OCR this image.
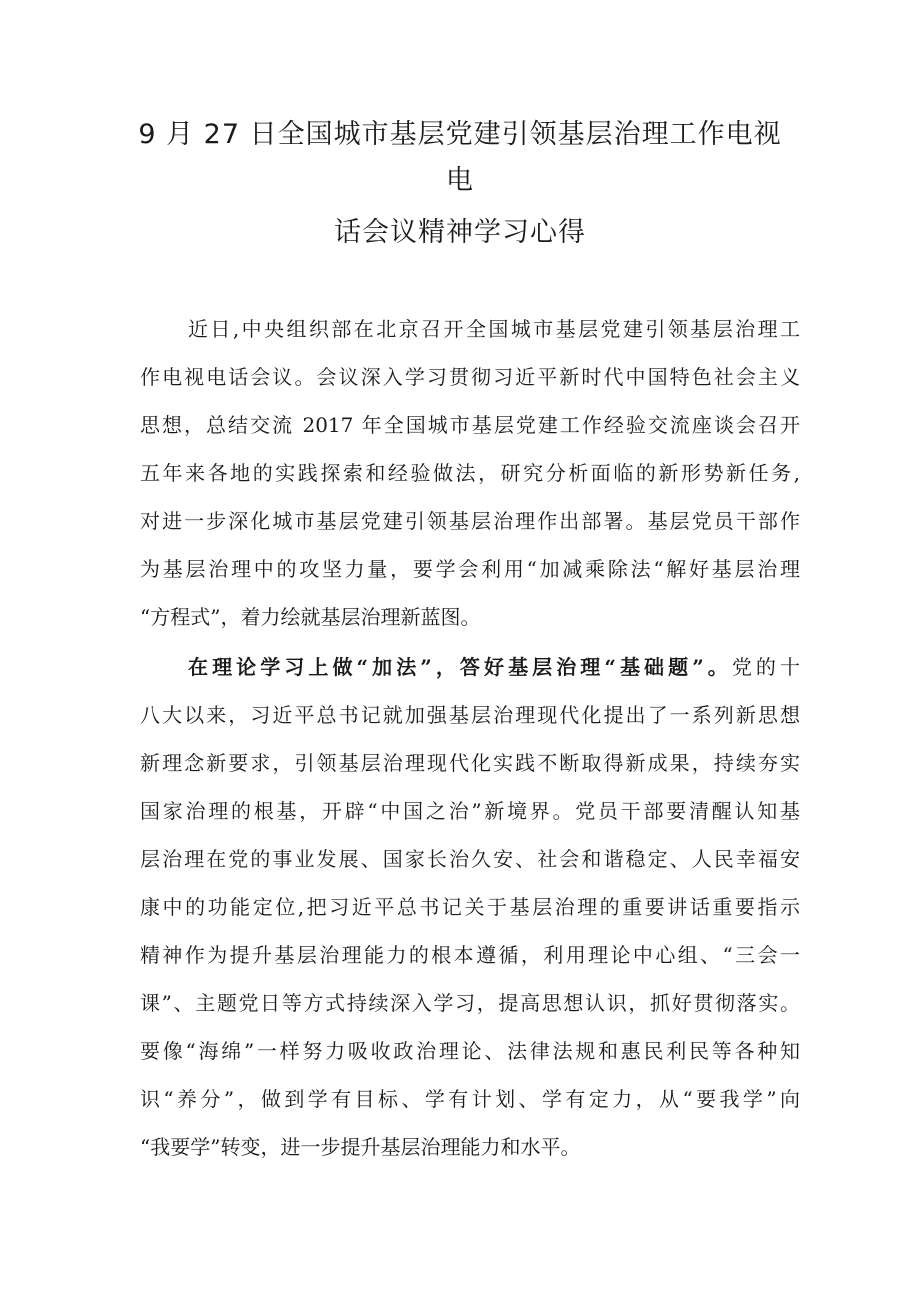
9 月 27 日全国城市基层党建引领基层治理工作电视
电
话会议精神学习心得
近日,中央组织部在北京召开全国城市基层党建引领基层治理工
作电视电话会议。会议深入学习贯彻习近平新时代中国特色社会主义
思想，总结交流 2017 年全国城市基层党建工作经验交流座谈会召开
五年来各地的实践探索和经验做法，研究分析面临的新形势新任务,
对进一步深化城市基层党建引领基层治理作出部署。基层党员干部作
为基层治理中的攻坚力量，要学会利用“加减乘除法“解好基层治理
“方程式”，着力绘就基层治理新蓝图。
在理论学习上做“加法”，答好基层治理“基础题”。党的十
八大以来，习近平总书记就加强基层治理现代化提出了一系列新思想
新理念新要求，引领基层治理现代化实践不断取得新成果，持续夯实
国家治理的根基，开辟“中国之治”新境界。党员干部要清醒认知基
层治理在党的事业发展、国家长治久安、社会和谐稳定、人民幸福安
康中的功能定位,把习近平总书记关于基层治理的重要讲话重要指示
精神作为提升基层治理能力的根本遵循，利用理论中心组、“三会一
课”、主题党日等方式持续深入学习，提高思想认识，抓好贯彻落实。
要像“海绵”一样努力吸收政治理论、法律法规和惠民利民等各种知
识“养分”，做到学有目标、学有计划、学有定力，从“要我学”向
“我要学”转变，进一步提升基层治理能力和水平。
